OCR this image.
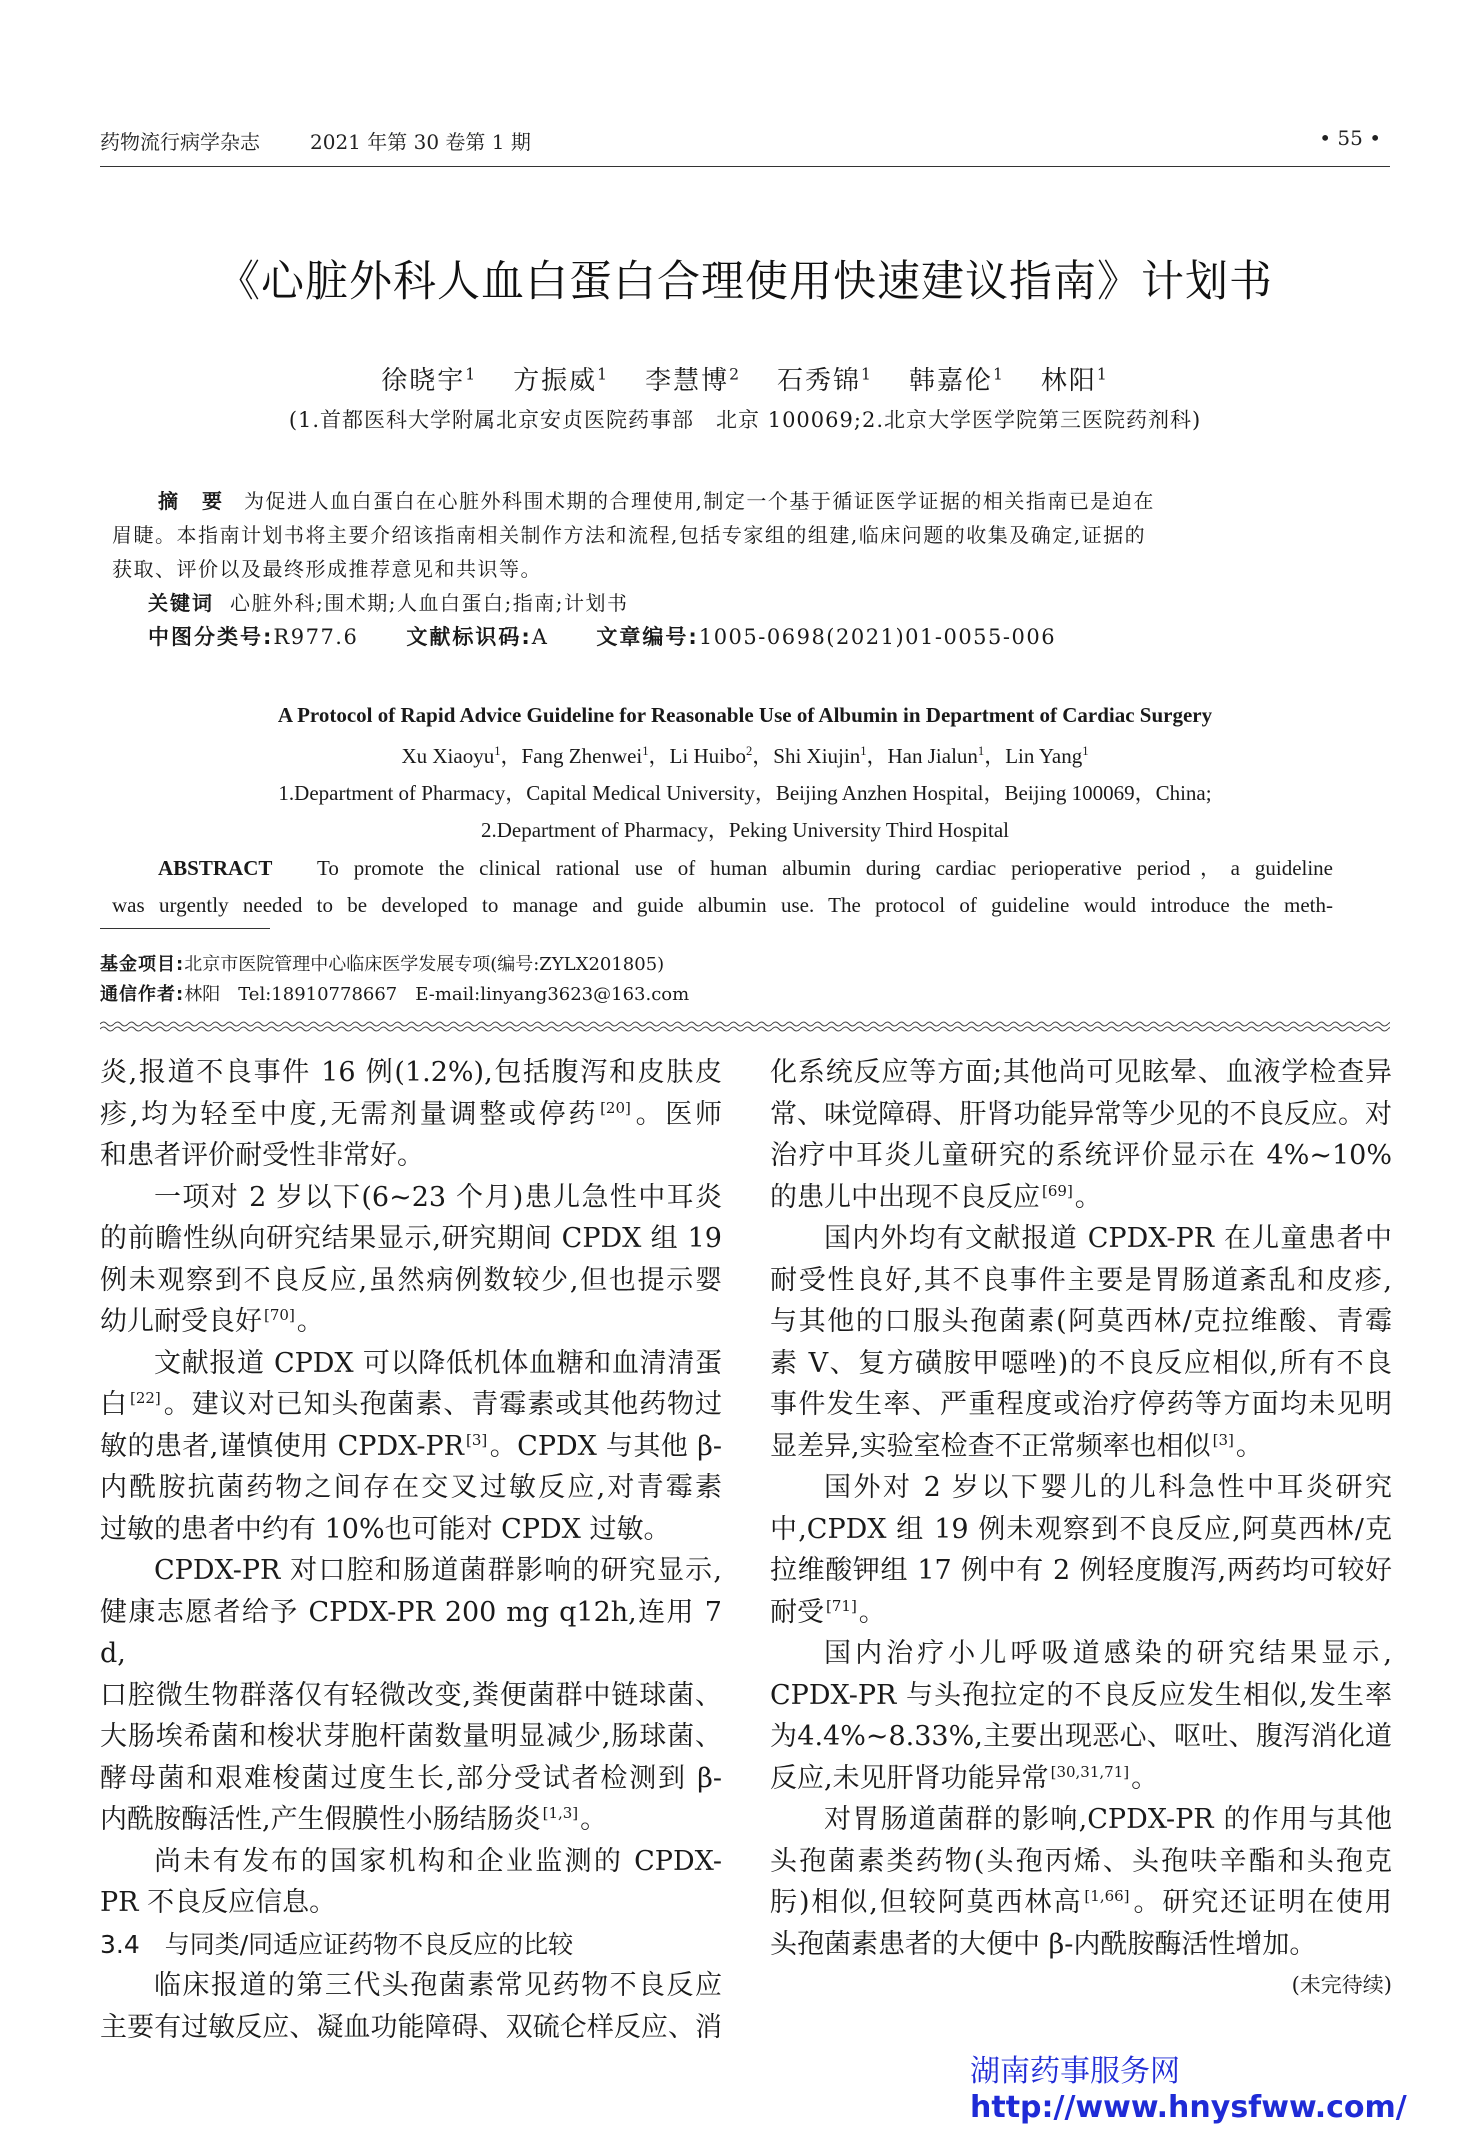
药物流行病学杂志	2021 年第 30 卷第 1 期	• 55 •
《心脏外科人血白蛋白合理使用快速建议指南》计划书
徐晓宇$^1$ 方振威$^1$ 李慧博$^2$ 石秀锦$^1$ 韩嘉伦$^1$ 林阳$^1$
(1.首都医科大学附属北京安贞医院药事部　北京 100069;2.北京大学医学院第三医院药剂科)
摘　要 为促进人血白蛋白在心脏外科围术期的合理使用,制定一个基于循证医学证据的相关指南已是迫在
眉睫。本指南计划书将主要介绍该指南相关制作方法和流程,包括专家组的组建,临床问题的收集及确定,证据的
获取、评价以及最终形成推荐意见和共识等。
关键词 心脏外科;围术期;人血白蛋白;指南;计划书
中图分类号:R977.6 文献标识码:A 文章编号:1005-0698(2021)01-0055-006
A Protocol of Rapid Advice Guideline for Reasonable Use of Albumin in Department of Cardiac Surgery
Xu Xiaoyu$^1$，Fang Zhenwei$^1$，Li Huibo$^2$，Shi Xiujin$^1$，Han Jialun$^1$，Lin Yang$^1$
1.Department of Pharmacy，Capital Medical University，Beijing Anzhen Hospital，Beijing 100069，China;
2.Department of Pharmacy，Peking University Third Hospital
ABSTRACT To promote the clinical rational use of human albumin during cardiac perioperative period，a guideline
was urgently needed to be developed to manage and guide albumin use. The protocol of guideline would introduce the meth-
基金项目:北京市医院管理中心临床医学发展专项(编号:ZYLX201805)
通信作者:林阳　Tel:18910778667　E-mail:linyang3623@163.com

炎,报道不良事件 16 例(1.2%),包括腹泻和皮肤皮

疹,均为轻至中度,无需剂量调整或停药 [20]。医师

和患者评价耐受性非常好。

一项对 2 岁以下(6~23 个月)患儿急性中耳炎

的前瞻性纵向研究结果显示,研究期间 CPDX 组 19

例未观察到不良反应,虽然病例数较少,但也提示婴

幼儿耐受良好 [70]。

文献报道 CPDX 可以降低机体血糖和血清清蛋

白 [22]。建议对已知头孢菌素、青霉素或其他药物过

敏的患者,谨慎使用 CPDX-PR [3]。CPDX 与其他 β-

内酰胺抗菌药物之间存在交叉过敏反应,对青霉素

过敏的患者中约有 10%也可能对 CPDX 过敏。

CPDX-PR 对口腔和肠道菌群影响的研究显示,

健康志愿者给予 CPDX-PR 200 mg q12h,连用 7 d,

口腔微生物群落仅有轻微改变,粪便菌群中链球菌、

大肠埃希菌和梭状芽胞杆菌数量明显减少,肠球菌、

酵母菌和艰难梭菌过度生长,部分受试者检测到 β-

内酰胺酶活性,产生假膜性小肠结肠炎 [1,3]。

尚未有发布的国家机构和企业监测的 CPDX-

PR 不良反应信息。

3.4　与同类/同适应证药物不良反应的比较

临床报道的第三代头孢菌素常见药物不良反应

主要有过敏反应、凝血功能障碍、双硫仑样反应、消

化系统反应等方面;其他尚可见眩晕、血液学检查异

常、味觉障碍、肝肾功能异常等少见的不良反应。对

治疗中耳炎儿童研究的系统评价显示在 4%~10%

的患儿中出现不良反应 [69]。

国内外均有文献报道 CPDX-PR 在儿童患者中

耐受性良好,其不良事件主要是胃肠道紊乱和皮疹,

与其他的口服头孢菌素(阿莫西林/克拉维酸、青霉

素 V、复方磺胺甲噁唑)的不良反应相似,所有不良

事件发生率、严重程度或治疗停药等方面均未见明

显差异,实验室检查不正常频率也相似 [3]。

国外对 2 岁以下婴儿的儿科急性中耳炎研究

中,CPDX 组 19 例未观察到不良反应,阿莫西林/克

拉维酸钾组 17 例中有 2 例轻度腹泻,两药均可较好

耐受 [71]。

国内治疗小儿呼吸道感染的研究结果显示,

CPDX-PR 与头孢拉定的不良反应发生相似,发生率

为4.4%~8.33%,主要出现恶心、呕吐、腹泻消化道

反应,未见肝肾功能异常 [30,31,71]。

对胃肠道菌群的影响,CPDX-PR 的作用与其他

头孢菌素类药物(头孢丙烯、头孢呋辛酯和头孢克

肟)相似,但较阿莫西林高 [1,66]。研究还证明在使用

头孢菌素患者的大便中 β-内酰胺酶活性增加。

(未完待续)

湖南药事服务网
http://www.hnysfww.com/
